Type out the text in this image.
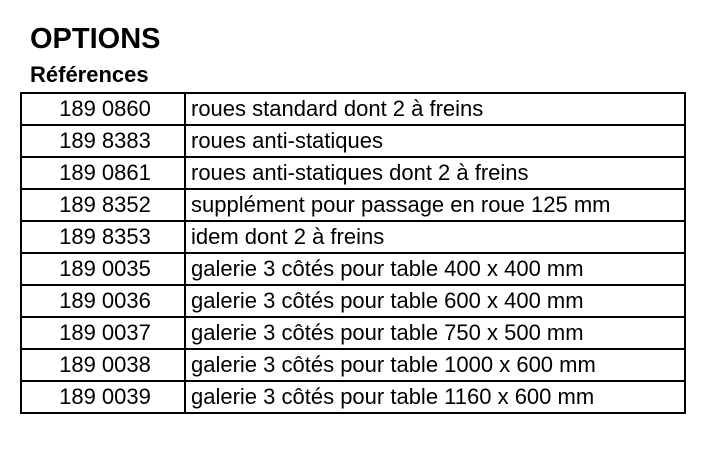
OPTIONS
Références
189 0860	roues standard dont 2 à freins
189 8383	roues anti-statiques
189 0861	roues anti-statiques dont 2 à freins
189 8352	supplément pour passage en roue 125 mm
189 8353	idem dont 2 à freins
189 0035	galerie 3 côtés pour table 400 x 400 mm
189 0036	galerie 3 côtés pour table 600 x 400 mm
189 0037	galerie 3 côtés pour table 750 x 500 mm
189 0038	galerie 3 côtés pour table 1000 x 600 mm
189 0039	galerie 3 côtés pour table 1160 x 600 mm
